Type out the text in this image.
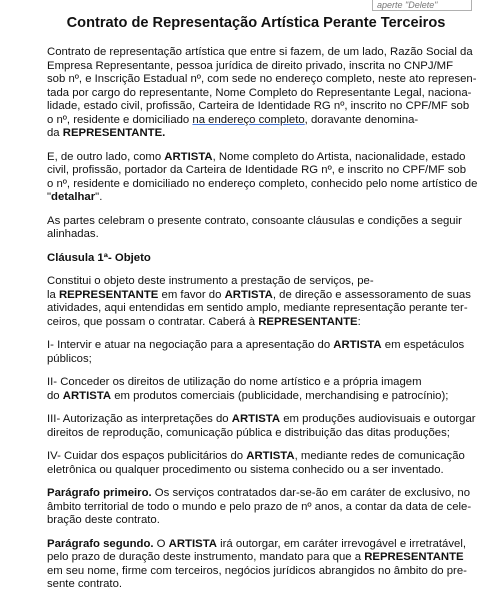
aperte "Delete"
Contrato de Representação Artística Perante Terceiros
Contrato de representação artística que entre si fazem, de um lado, Razão Social da
Empresa Representante, pessoa jurídica de direito privado, inscrita no CNPJ/MF
sob nº, e Inscrição Estadual nº, com sede no endereço completo, neste ato represen-
tada por cargo do representante, Nome Completo do Representante Legal, naciona-
lidade, estado civil, profissão, Carteira de Identidade RG nº, inscrito no CPF/MF sob
o nº, residente e domiciliado na endereço completo, doravante denomina-
da REPRESENTANTE.
E, de outro lado, como ARTISTA, Nome completo do Artista, nacionalidade, estado
civil, profissão, portador da Carteira de Identidade RG nº, e inscrito no CPF/MF sob
o nº, residente e domiciliado no endereço completo, conhecido pelo nome artístico de
"detalhar".
As partes celebram o presente contrato, consoante cláusulas e condições a seguir
alinhadas.
Cláusula 1ª- Objeto
Constitui o objeto deste instrumento a prestação de serviços, pe-
la REPRESENTANTE em favor do ARTISTA, de direção e assessoramento de suas
atividades, aqui entendidas em sentido amplo, mediante representação perante ter-
ceiros, que possam o contratar. Caberá à REPRESENTANTE:
I- Intervir e atuar na negociação para a apresentação do ARTISTA em espetáculos
públicos;
II- Conceder os direitos de utilização do nome artístico e a própria imagem
do ARTISTA em produtos comerciais (publicidade, merchandising e patrocínio);
III- Autorização as interpretações do ARTISTA em produções audiovisuais e outorgar
direitos de reprodução, comunicação pública e distribuição das ditas produções;
IV- Cuidar dos espaços publicitários do ARTISTA, mediante redes de comunicação
eletrônica ou qualquer procedimento ou sistema conhecido ou a ser inventado.
Parágrafo primeiro. Os serviços contratados dar-se-ão em caráter de exclusivo, no
âmbito territorial de todo o mundo e pelo prazo de nº anos, a contar da data de cele-
bração deste contrato.
Parágrafo segundo. O ARTISTA irá outorgar, em caráter irrevogável e irretratável,
pelo prazo de duração deste instrumento, mandato para que a REPRESENTANTE
em seu nome, firme com terceiros, negócios jurídicos abrangidos no âmbito do pre-
sente contrato.
